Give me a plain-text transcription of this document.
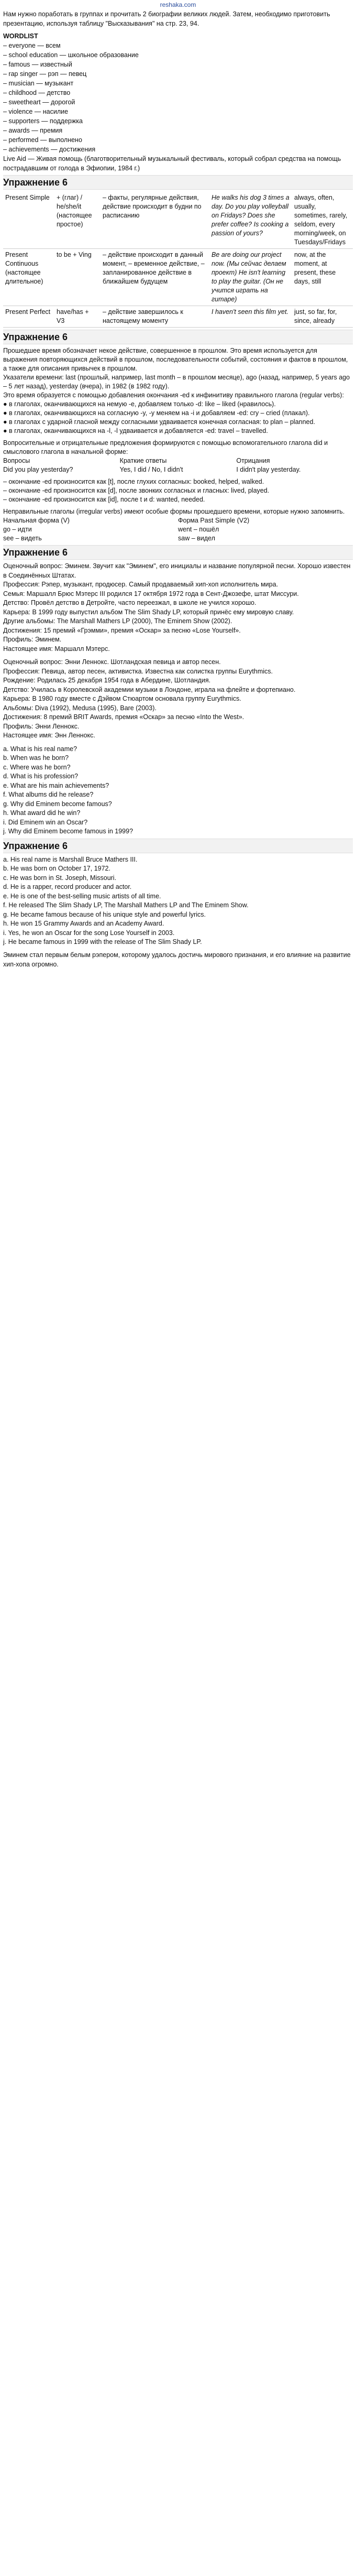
reshaka.com

Нам нужно поработать в группах и прочитать 2 биографии великих людей. Затем, необходимо приготовить презентацию, используя таблицу "Высказывания" на стр. 23, 94.

WORDLIST

– everyone — всем
– school education — школьное образование
– famous — известный
– rap singer — рэп — певец
– musician — музыкант
– childhood — детство
– sweetheart — дорогой
– violence — насилие
– supporters — поддержка
– awards — премия
– performed — выполнено
– achievements — достижения

Live Aid — Живая помощь (благотворительный музыкальный фестиваль, который собрал средства на помощь пострадавшим от голода в Эфиопии, 1984 г.)

Упражнение 6
Present Simple	+ (глаг) / he/she/it (настоящее простое)	– факты, регулярные действия, действие происходит в будни по расписанию	He walks his dog 3 times a day. Do you play volleyball on Fridays? Does she prefer coffee? Is cooking a passion of yours?	always, often, usually, sometimes, rarely, seldom, every morning/week, on Tuesdays/Fridays
Present Continuous (настоящее длительное)	to be + Ving	– действие происходит в данный момент, – временное действие, – запланированное действие в ближайшем будущем	Be are doing our project now. (Мы сейчас делаем проект) He isn't learning to play the guitar. (Он не учится играть на гитаре)	now, at the moment, at present, these days, still
Present Perfect	have/has + V3	– действие завершилось к настоящему моменту	I haven't seen this film yet.	just, so far, for, since, already
Упражнение 6

Прошедшее время обозначает некое действие, совершенное в прошлом. Это время используется для выражения повторяющихся действий в прошлом, последовательности событий, состояния и фактов в прошлом, а также для описания привычек в прошлом.

Указатели времени: last (прошлый, например, last month – в прошлом месяце), ago (назад, например, 5 years ago – 5 лет назад), yesterday (вчера), in 1982 (в 1982 году).

Это время образуется с помощью добавления окончания -ed к инфинитиву правильного глагола (regular verbs):

● в глаголах, оканчивающихся на немую -e, добавляем только -d: like – liked (нравилось).

● в глаголах, оканчивающихся на согласную -y, -y меняем на -i и добавляем -ed: cry – cried (плакал).

● в глаголах с ударной гласной между согласными удваивается конечная согласная: to plan – planned.

● в глаголах, оканчивающихся на -l, -l удваивается и добавляется -ed: travel – travelled.

Вопросительные и отрицательные предложения формируются с помощью вспомогательного глагола did и смыслового глагола в начальной форме:

Вопросы	Краткие ответы	Отрицания
Did you play yesterday?	Yes, I did / No, I didn't	I didn't play yesterday.

– окончание -ed произносится как [t], после глухих согласных: booked, helped, walked.

– окончание -ed произносится как [d], после звонких согласных и гласных: lived, played.

– окончание -ed произносится как [id], после t и d: wanted, needed.

Неправильные глаголы (irregular verbs) имеют особые формы прошедшего времени, которые нужно запомнить.

Начальная форма (V)	Форма Past Simple (V2)
go – идти	went – пошёл
see – видеть	saw – видел
Упражнение 6

Оценочный вопрос: Эминем. Звучит как "Эминем", его инициалы и название популярной песни. Хорошо известен в Соединённых Штатах.

Профессия: Рэпер, музыкант, продюсер. Самый продаваемый хип-хоп исполнитель мира.

Семья: Маршалл Брюс Мэтерс III родился 17 октября 1972 года в Сент-Джозефе, штат Миссури.

Детство: Провёл детство в Детройте, часто переезжал, в школе не учился хорошо.

Карьера: В 1999 году выпустил альбом The Slim Shady LP, который принёс ему мировую славу.

Другие альбомы: The Marshall Mathers LP (2000), The Eminem Show (2002).

Достижения: 15 премий «Грэмми», премия «Оскар» за песню «Lose Yourself».

Профиль: Эминем.

Настоящее имя: Маршалл Мэтерс.

Оценочный вопрос: Энни Леннокс. Шотландская певица и автор песен.

Профессия: Певица, автор песен, активистка. Известна как солистка группы Eurythmics.

Рождение: Родилась 25 декабря 1954 года в Абердине, Шотландия.

Детство: Училась в Королевской академии музыки в Лондоне, играла на флейте и фортепиано.

Карьера: В 1980 году вместе с Дэйвом Стюартом основала группу Eurythmics.

Альбомы: Diva (1992), Medusa (1995), Bare (2003).

Достижения: 8 премий BRIT Awards, премия «Оскар» за песню «Into the West».

Профиль: Энни Леннокс.

Настоящее имя: Энн Леннокс.

a. What is his real name?

b. When was he born?

c. Where was he born?

d. What is his profession?

e. What are his main achievements?

f. What albums did he release?

g. Why did Eminem become famous?

h. What award did he win?

i. Did Eminem win an Oscar?

j. Why did Eminem become famous in 1999?

Упражнение 6

a. His real name is Marshall Bruce Mathers III.

b. He was born on October 17, 1972.

c. He was born in St. Joseph, Missouri.

d. He is a rapper, record producer and actor.

e. He is one of the best-selling music artists of all time.

f. He released The Slim Shady LP, The Marshall Mathers LP and The Eminem Show.

g. He became famous because of his unique style and powerful lyrics.

h. He won 15 Grammy Awards and an Academy Award.

i. Yes, he won an Oscar for the song Lose Yourself in 2003.

j. He became famous in 1999 with the release of The Slim Shady LP.

Эминем стал первым белым рэпером, которому удалось достичь мирового признания, и его влияние на развитие хип-хопа огромно.
